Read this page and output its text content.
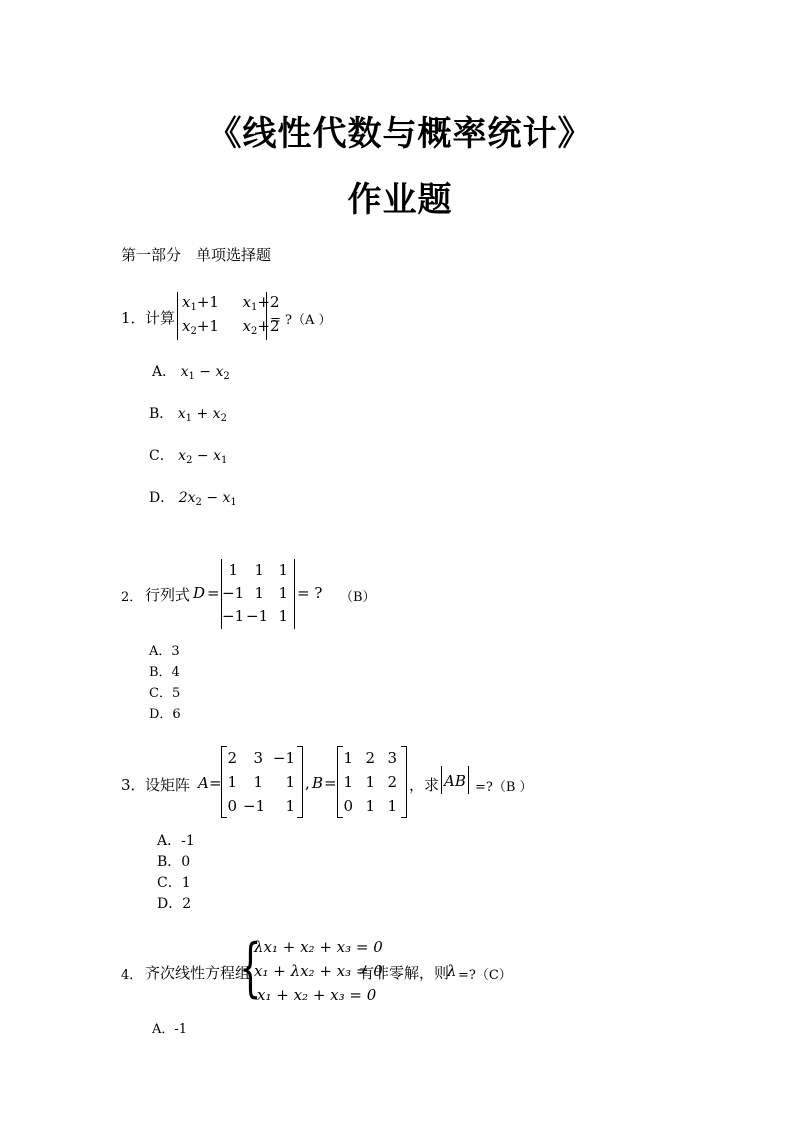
《线性代数与概率统计》
作业题
第一部分　单项选择题
1． 计算
$x_1+1$ $x_1+2$
$x_2+1$ $x_2+2$
= ?（A ）
A． $x_1 - x_2$
B． $x_1 + x_2$
C． $x_2 - x_1$
D． $2x_2 - x_1$
2． 行列式 D =
1	1 1
−1 1 1
−1 −1 1
= ? （B）
A．3
B．4
C．5
D．6
3． 设矩阵 A =
2	3 −1
1	1	1
0 −1	1
, B =
1 2 3
1 1 2
0 1 1
，求 AB =?（B ）
A．-1
B．0
C．1
D．2
4． 齐次线性方程组
{
λx₁ + x₂ + x₃ = 0
x₁ + λx₂ + x₃ = 0
x₁ + x₂ + x₃ = 0
有非零解，则
λ =?（C）
A．-1
